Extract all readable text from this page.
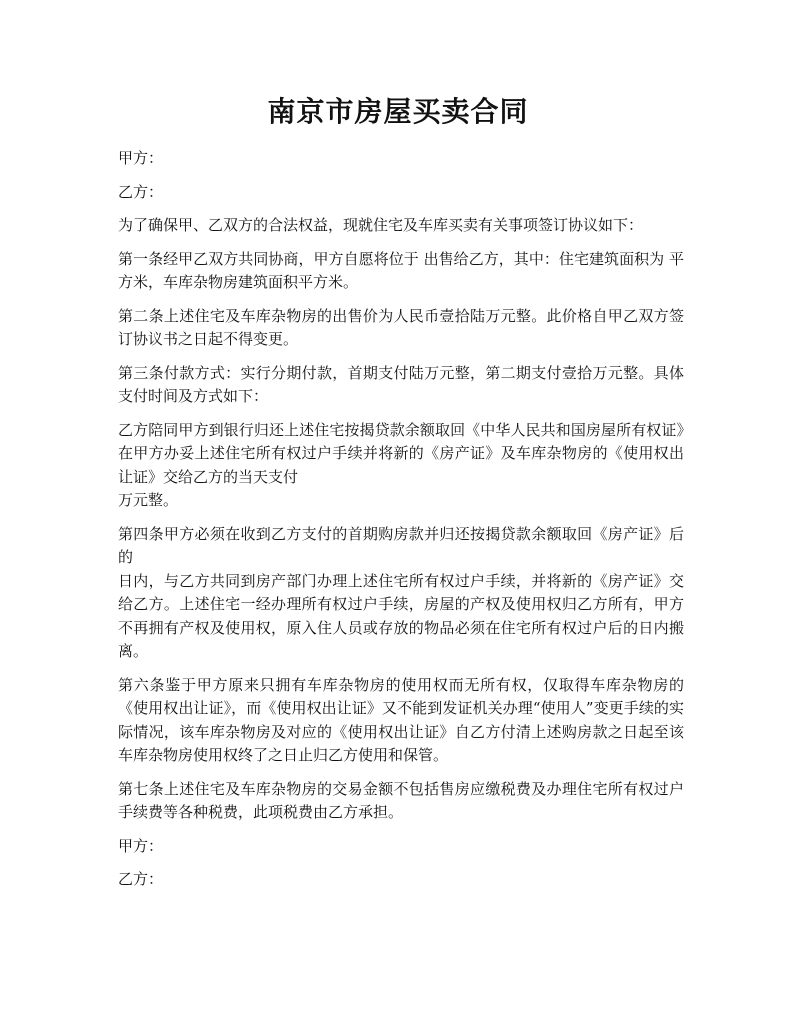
南京市房屋买卖合同

甲方：

乙方：

为了确保甲、乙双方的合法权益，现就住宅及车库买卖有关事项签订协议如下：

第一条经甲乙双方共同协商，甲方自愿将位于 出售给乙方，其中：住宅建筑面积为 平方米，车库杂物房建筑面积平方米。

第二条上述住宅及车库杂物房的出售价为人民币壹拾陆万元整。此价格自甲乙双方签订协议书之日起不得变更。

第三条付款方式：实行分期付款，首期支付陆万元整，第二期支付壹拾万元整。具体支付时间及方式如下：

乙方陪同甲方到银行归还上述住宅按揭贷款余额取回《中华人民共和国房屋所有权证》在甲方办妥上述住宅所有权过户手续并将新的《房产证》及车库杂物房的《使用权出让证》交给乙方的当天支付
万元整。

第四条甲方必须在收到乙方支付的首期购房款并归还按揭贷款余额取回《房产证》后的
日内，与乙方共同到房产部门办理上述住宅所有权过户手续，并将新的《房产证》交给乙方。上述住宅一经办理所有权过户手续，房屋的产权及使用权归乙方所有，甲方不再拥有产权及使用权，原入住人员或存放的物品必须在住宅所有权过户后的日内搬离。

第六条鉴于甲方原来只拥有车库杂物房的使用权而无所有权，仅取得车库杂物房的《使用权出让证》，而《使用权出让证》又不能到发证机关办理“使用人”变更手续的实际情况，该车库杂物房及对应的《使用权出让证》自乙方付清上述购房款之日起至该车库杂物房使用权终了之日止归乙方使用和保管。

第七条上述住宅及车库杂物房的交易金额不包括售房应缴税费及办理住宅所有权过户手续费等各种税费，此项税费由乙方承担。

甲方：

乙方：
